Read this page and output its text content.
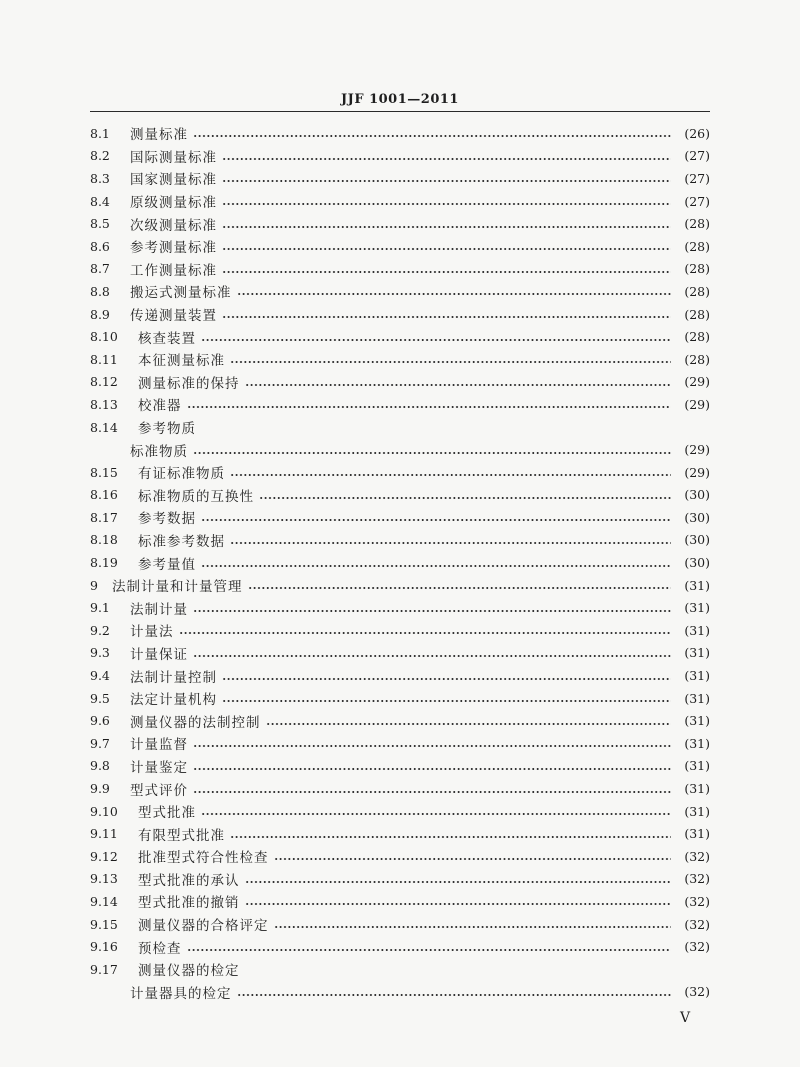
JJF 1001—2011
8.1	测量标准	(26)
8.2	国际测量标准	(27)
8.3	国家测量标准	(27)
8.4	原级测量标准	(27)
8.5	次级测量标准	(28)
8.6	参考测量标准	(28)
8.7	工作测量标准	(28)
8.8	搬运式测量标准	(28)
8.9	传递测量装置	(28)
8.10	核查装置	(28)
8.11	本征测量标准	(28)
8.12	测量标准的保持	(29)
8.13	校准器	(29)
8.14	参考物质
标准物质	(29)
8.15	有证标准物质	(29)
8.16	标准物质的互换性	(30)
8.17	参考数据	(30)
8.18	标准参考数据	(30)
8.19	参考量值	(30)
9	法制计量和计量管理	(31)
9.1	法制计量	(31)
9.2	计量法	(31)
9.3	计量保证	(31)
9.4	法制计量控制	(31)
9.5	法定计量机构	(31)
9.6	测量仪器的法制控制	(31)
9.7	计量监督	(31)
9.8	计量鉴定	(31)
9.9	型式评价	(31)
9.10	型式批准	(31)
9.11	有限型式批准	(31)
9.12	批准型式符合性检查	(32)
9.13	型式批准的承认	(32)
9.14	型式批准的撤销	(32)
9.15	测量仪器的合格评定	(32)
9.16	预检查	(32)
9.17	测量仪器的检定
计量器具的检定	(32)
V
